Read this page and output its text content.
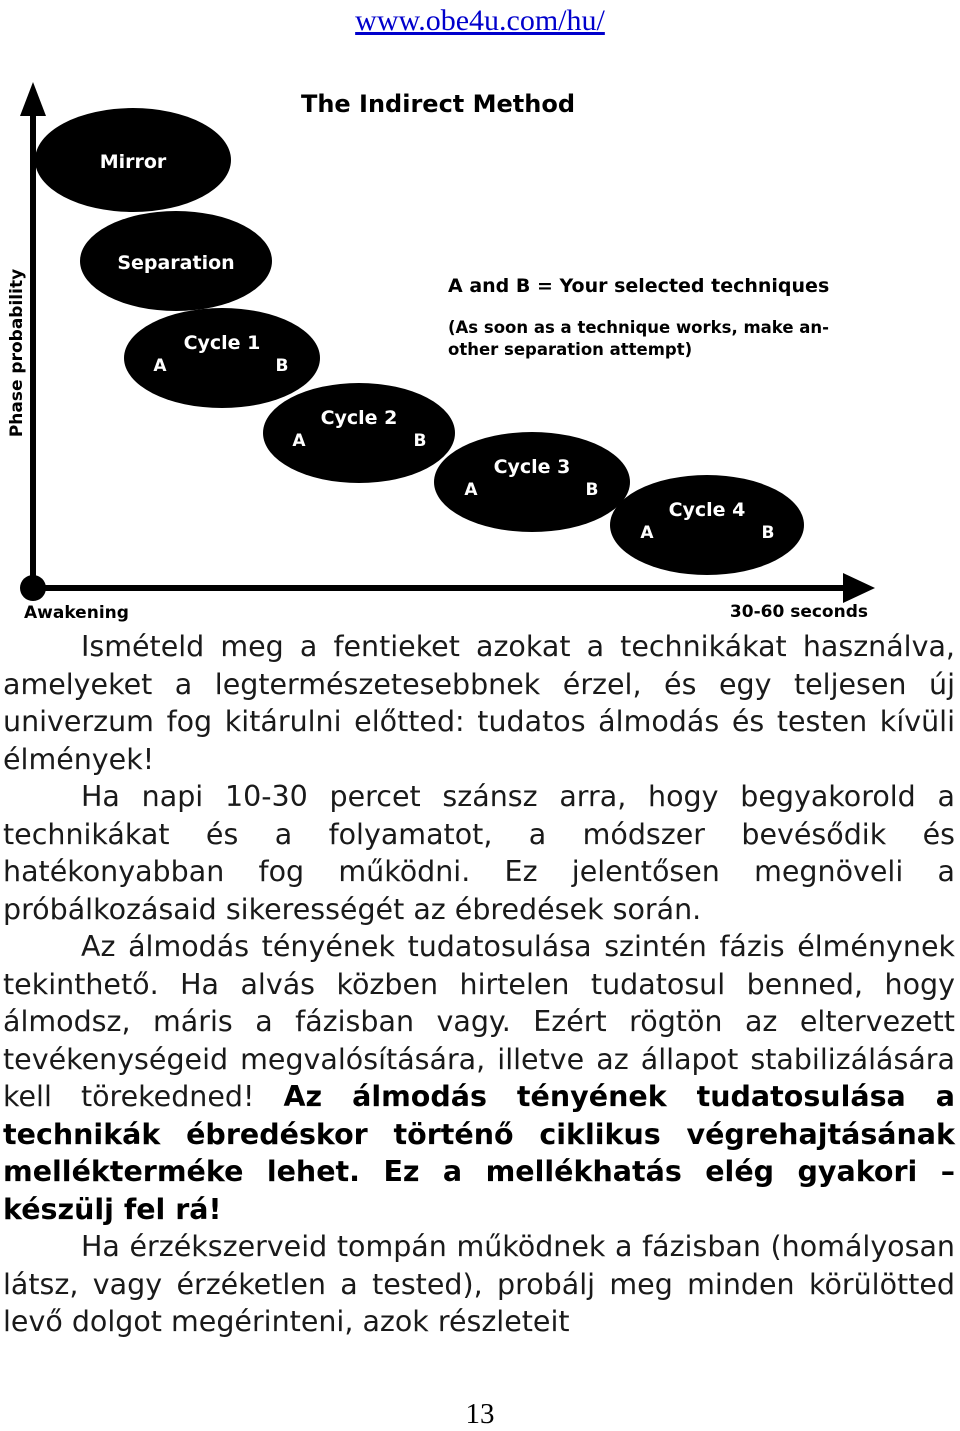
www.obe4u.com/hu/
The Indirect Method
Phase probability
Awakening	30-60 seconds
Mirror
Separation
Cycle 1
A	B
Cycle 2
A	B
Cycle 3
A	B
Cycle 4
A	B
A and B = Your selected techniques
(As soon as a technique works, make an-
other separation attempt)

Ismételd meg a fentieket azokat a technikákat használva, amelyeket a legtermészetesebbnek érzel, és egy teljesen új univerzum fog kitárulni előtted: tudatos álmodás és testen kívüli élmények!

Ha napi 10-30 percet szánsz arra, hogy begyakorold a technikákat és a folyamatot, a módszer bevésődik és hatékonyabban fog működni. Ez jelentősen megnöveli a próbálkozásaid sikerességét az ébredések során.

Az álmodás tényének tudatosulása szintén fázis élménynek tekinthető. Ha alvás közben hirtelen tudatosul benned, hogy álmodsz, máris a fázisban vagy. Ezért rögtön az eltervezett tevékenységeid megvalósítására, illetve az állapot stabilizálására kell törekedned! Az álmodás tényének tudatosulása a technikák ébredéskor történő ciklikus végrehajtásának mellékterméke lehet. Ez a mellékhatás elég gyakori – készülj fel rá!

Ha érzékszerveid tompán működnek a fázisban (homályosan látsz, vagy érzéketlen a tested), probálj meg minden körülötted levő dolgot megérinteni, azok részleteit

13
